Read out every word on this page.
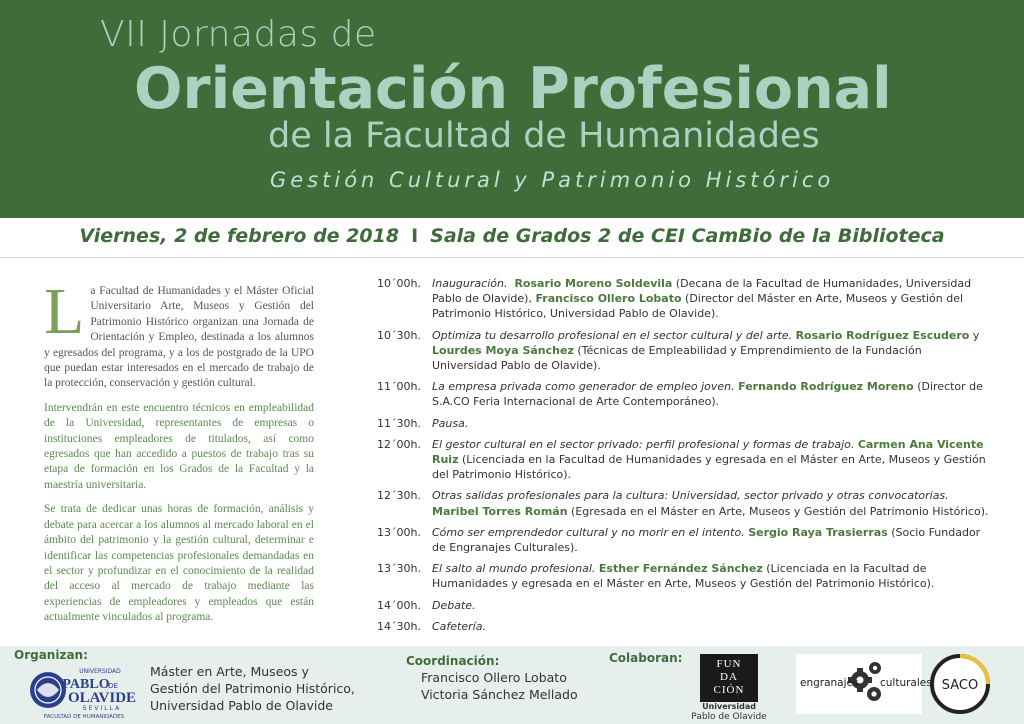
VII Jornadas de
Orientación Profesional
de la Facultad de Humanidades
Gestión Cultural y Patrimonio Histórico
Viernes, 2 de febrero de 2018 I Sala de Grados 2 de CEI CamBio de la Biblioteca

La Facultad de Humanidades y el Máster Oficial Universitario Arte, Museos y Gestión del Patrimonio Histórico organizan una Jornada de Orientación y Empleo, destinada a los alumnos y egresados del programa, y a los de postgrado de la UPO que puedan estar interesados en el mercado de trabajo de la protección, conservación y gestión cultural.

Intervendrán en este encuentro técnicos en empleabilidad de la Universidad, representantes de empresas o instituciones empleadores de titulados, así como egresados que han accedido a puestos de trabajo tras su etapa de formación en los Grados de la Facultad y la maestría universitaria.

Se trata de dedicar unas horas de formación, análisis y debate para acercar a los alumnos al mercado laboral en el ámbito del patrimonio y la gestión cultural, determinar e identificar las competencias profesionales demandadas en el sector y profundizar en el conocimiento de la realidad del acceso al mercado de trabajo mediante las experiencias de empleadores y empleados que están actualmente vinculados al programa.

10´00h.	Inauguración. Rosario Moreno Soldevila (Decana de la Facultad de Humanidades, Universidad Pablo de Olavide), Francisco Ollero Lobato (Director del Máster en Arte, Museos y Gestión del Patrimonio Histórico, Universidad Pablo de Olavide).
10´30h.	Optimiza tu desarrollo profesional en el sector cultural y del arte. Rosario Rodríguez Escudero y Lourdes Moya Sánchez (Técnicas de Empleabilidad y Emprendimiento de la Fundación Universidad Pablo de Olavide).
11´00h.	La empresa privada como generador de empleo joven. Fernando Rodríguez Moreno (Director de S.A.CO Feria Internacional de Arte Contemporáneo).
11´30h.	Pausa.
12´00h.	El gestor cultural en el sector privado: perfil profesional y formas de trabajo. Carmen Ana Vicente Ruiz (Licenciada en la Facultad de Humanidades y egresada en el Máster en Arte, Museos y Gestión del Patrimonio Histórico).
12´30h.	Otras salidas profesionales para la cultura: Universidad, sector privado y otras convocatorias. Maribel Torres Román (Egresada en el Máster en Arte, Museos y Gestión del Patrimonio Histórico).
13´00h.	Cómo ser emprendedor cultural y no morir en el intento. Sergio Raya Trasierras (Socio Fundador de Engranajes Culturales).
13´30h.	El salto al mundo profesional. Esther Fernández Sánchez (Licenciada en la Facultad de Humanidades y egresada en el Máster en Arte, Museos y Gestión del Patrimonio Histórico).
14´00h.	Debate.
14´30h.	Cafetería.
Organizan:
UNIVERSIDAD
PABLO
DE
OLAVIDE
SEVILLA
FACULTAD DE HUMANIDADES
Máster en Arte, Museos y
Gestión del Patrimonio Histórico,
Universidad Pablo de Olavide
Coordinación:
Francisco Ollero Lobato
Victoria Sánchez Mellado
Colaboran:	FUN
DA
CIÓN
Universidad
Pablo de Olavide
engranajes culturales SACO
